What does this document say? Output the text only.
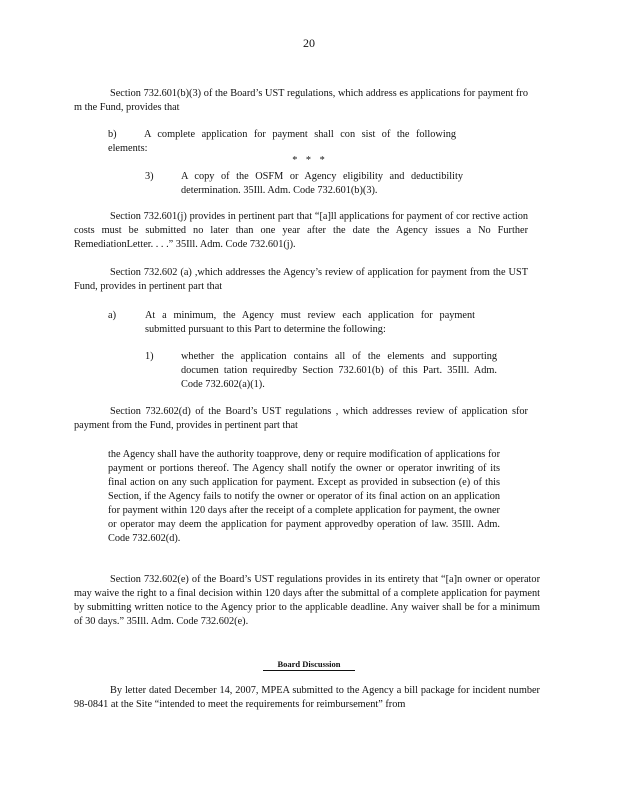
20
Section 732.601(b)(3) of the Board’s UST regulations, which address es applications for payment fro m the Fund, provides that
b)	A complete application for payment shall con sist of the following elements:
* * *
3)	A copy of the OSFM or Agency eligibility and deductibility determination. 35Ill. Adm. Code 732.601(b)(3).
Section 732.601(j) provides in pertinent part that “[a]ll applications for payment of cor rective action costs must be submitted no later than one year after the date the Agency issues a No Further RemediationLetter. . . .” 35Ill. Adm. Code 732.601(j).
Section 732.602 (a) ,which addresses the Agency’s review of application for payment from the UST Fund, provides in pertinent part that
a)	At a minimum, the Agency must review each application for payment submitted pursuant to this Part to determine the following:
1)	whether the application contains all of the elements and supporting documen tation requiredby Section 732.601(b) of this Part. 35Ill. Adm. Code 732.602(a)(1).
Section 732.602(d) of the Board’s UST regulations , which addresses review of application sfor payment from the Fund, provides in pertinent part that
the Agency shall have the authority toapprove, deny or require modification of applications for payment or portions thereof. The Agency shall notify the owner or operator inwriting of its final action on any such application for payment. Except as provided in subsection (e) of this Section, if the Agency fails to notify the owner or operator of its final action on an application for payment within 120 days after the receipt of a complete application for payment, the owner or operator may deem the application for payment approvedby operation of law. 35Ill. Adm. Code 732.602(d).
Section 732.602(e) of the Board’s UST regulations provides in its entirety that “[a]n owner or operator may waive the right to a final decision within 120 days after the submittal of a complete application for payment by submitting written notice to the Agency prior to the applicable deadline. Any waiver shall be for a minimum of 30 days.” 35Ill. Adm. Code 732.602(e).
Board Discussion
By letter dated December 14, 2007, MPEA submitted to the Agency a bill package for incident number 98-0841 at the Site “intended to meet the requirements for reimbursement” from
